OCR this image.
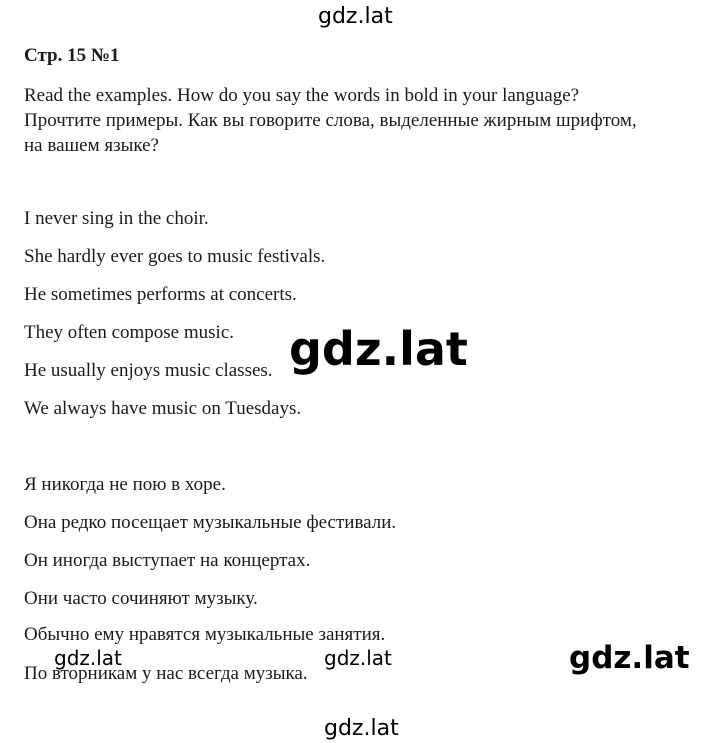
gdz.lat
Стр. 15 №1
Read the examples. How do you say the words in bold in your language?
Прочтите примеры. Как вы говорите слова, выделенные жирным шрифтом,
на вашем языке?
I never sing in the choir.
She hardly ever goes to music festivals.
He sometimes performs at concerts.
They often compose music.
He usually enjoys music classes.
We always have music on Tuesdays.
Я никогда не пою в хоре.
Она редко посещает музыкальные фестивали.
Он иногда выступает на концертах.
Они часто сочиняют музыку.
Обычно ему нравятся музыкальные занятия.
По вторникам у нас всегда музыка.
gdz.lat
gdz.lat	gdz.lat	gdz.lat
gdz.lat
